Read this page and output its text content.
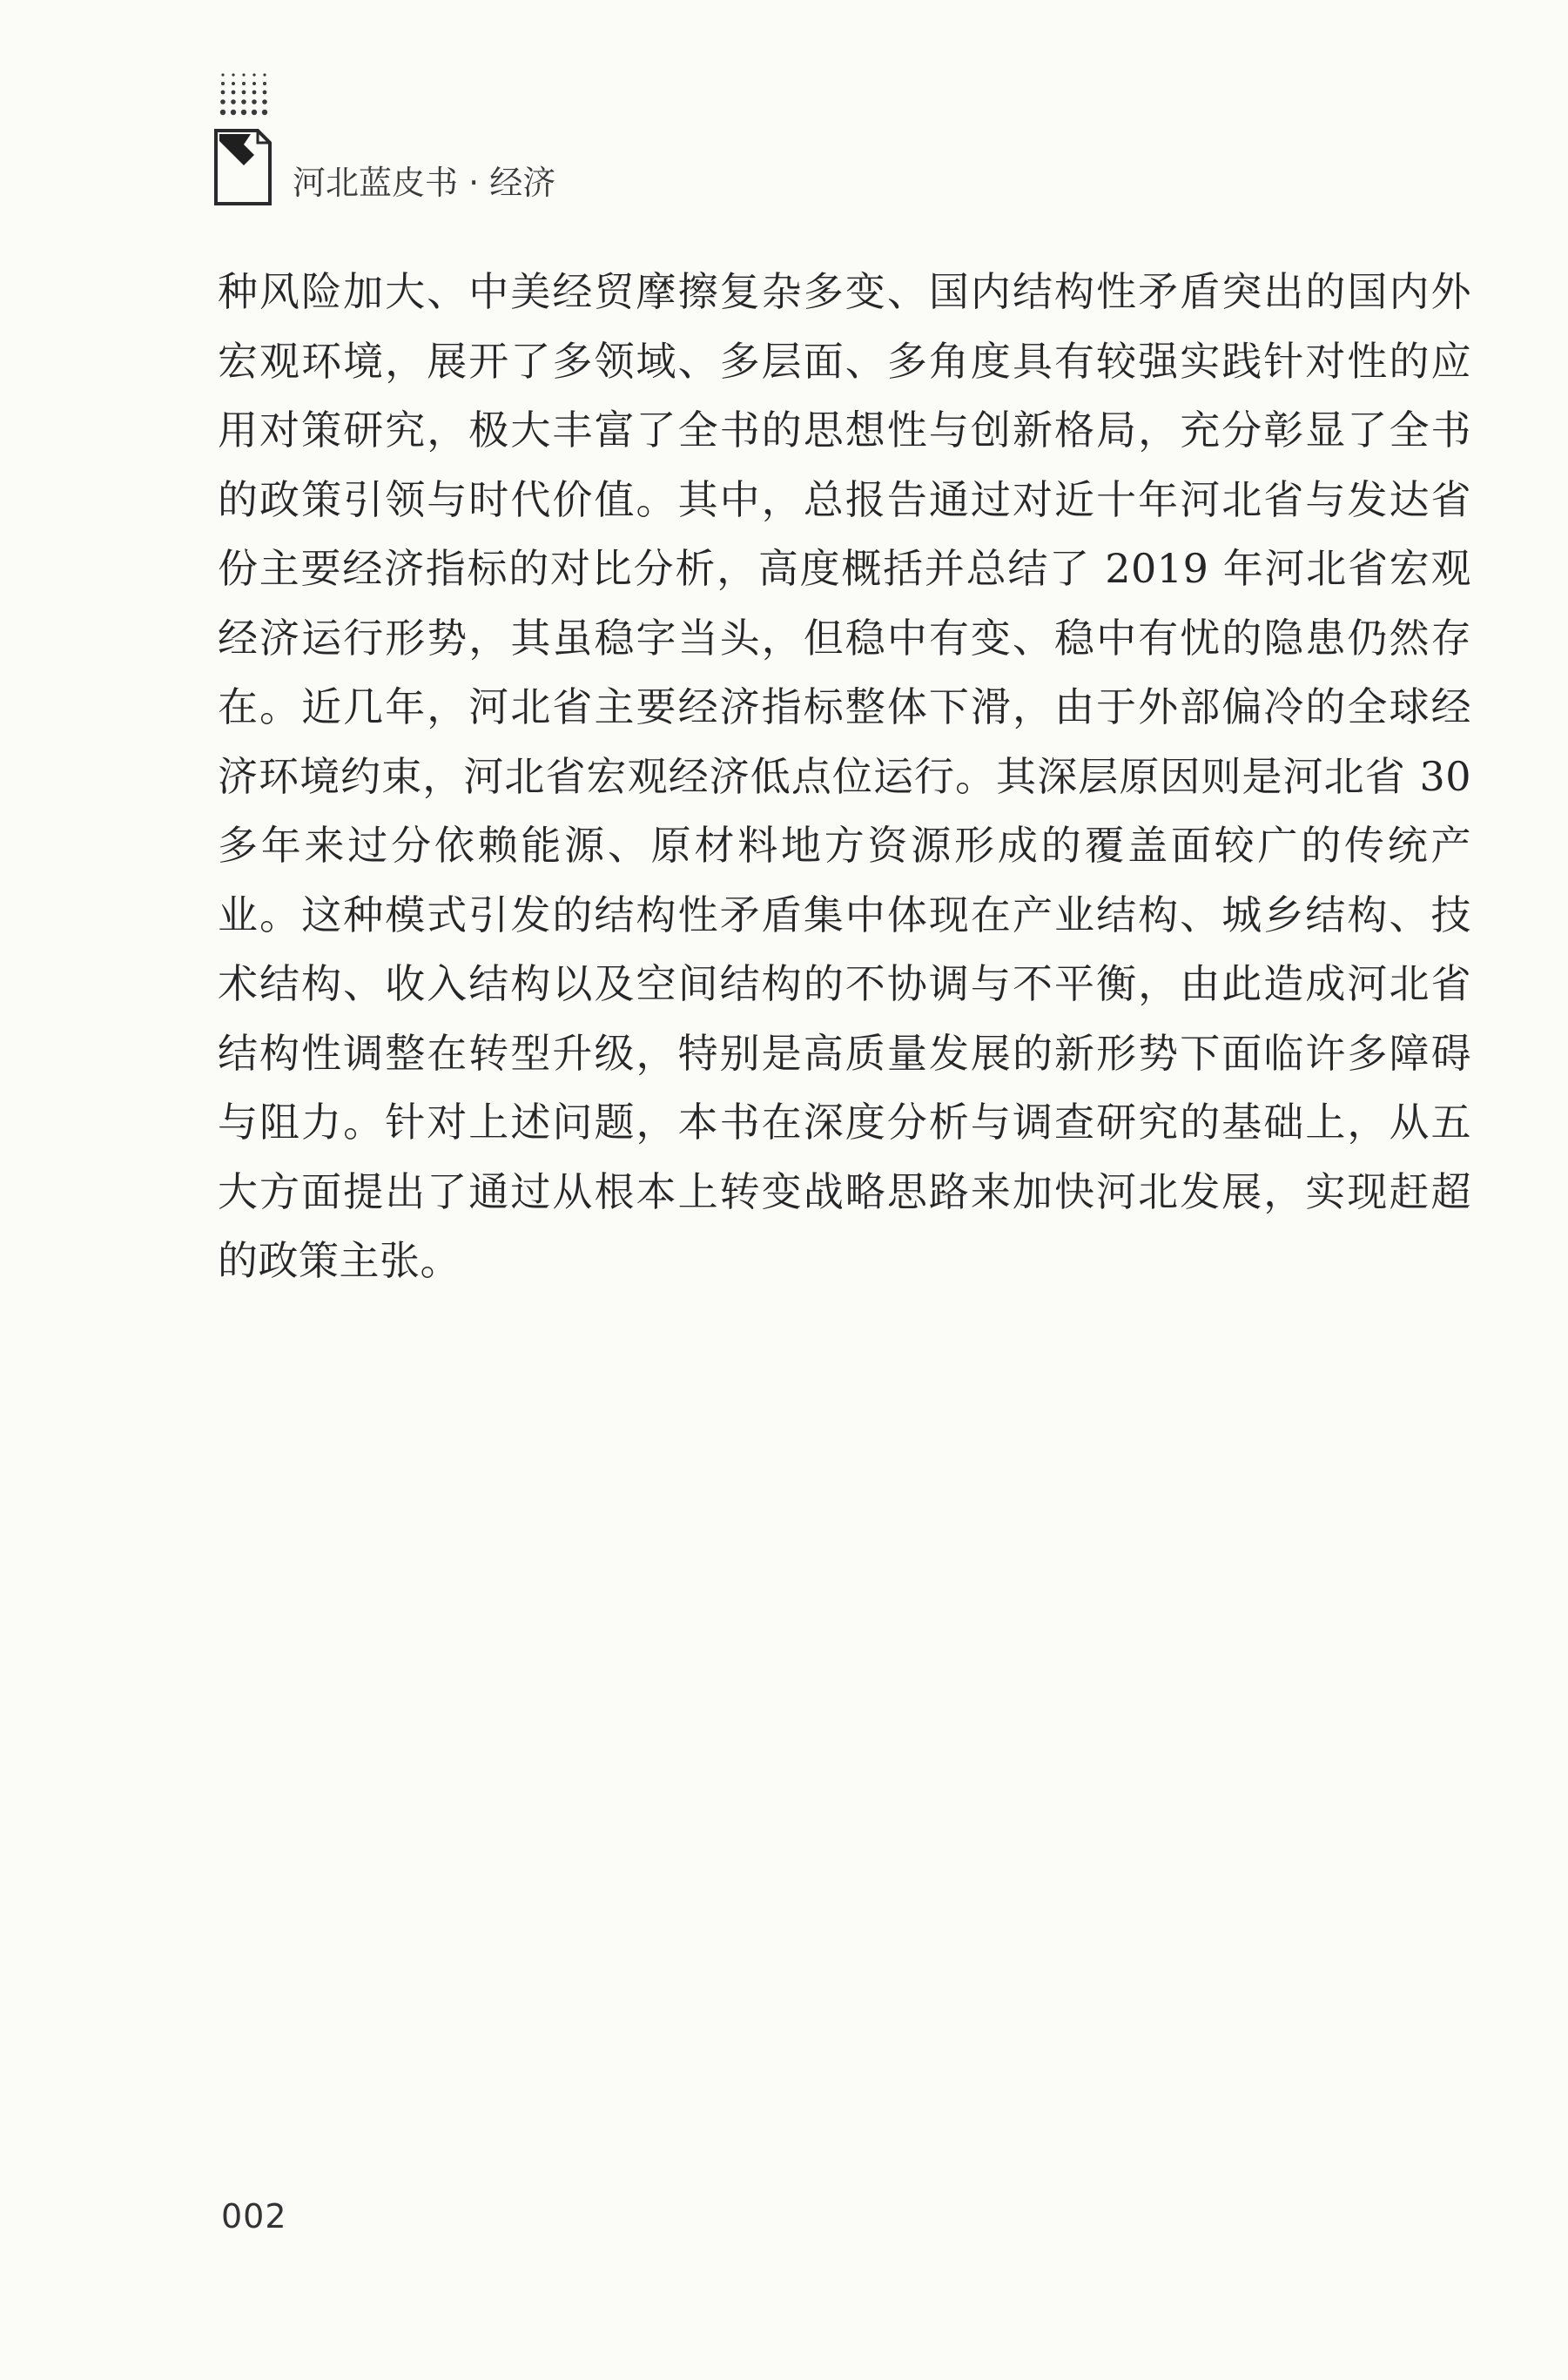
河北蓝皮书 · 经济

种风险加大、中美经贸摩擦复杂多变、国内结构性矛盾突出的国内外宏观环境，展开了多领域、多层面、多角度具有较强实践针对性的应用对策研究，极大丰富了全书的思想性与创新格局，充分彰显了全书的政策引领与时代价值。其中，总报告通过对近十年河北省与发达省份主要经济指标的对比分析，高度概括并总结了 2019 年河北省宏观经济运行形势，其虽稳字当头，但稳中有变、稳中有忧的隐患仍然存在。近几年，河北省主要经济指标整体下滑，由于外部偏冷的全球经济环境约束，河北省宏观经济低点位运行。其深层原因则是河北省 30 多年来过分依赖能源、原材料地方资源形成的覆盖面较广的传统产业。这种模式引发的结构性矛盾集中体现在产业结构、城乡结构、技术结构、收入结构以及空间结构的不协调与不平衡，由此造成河北省结构性调整在转型升级，特别是高质量发展的新形势下面临许多障碍与阻力。针对上述问题，本书在深度分析与调查研究的基础上，从五大方面提出了通过从根本上转变战略思路来加快河北发展，实现赶超的政策主张。

002
